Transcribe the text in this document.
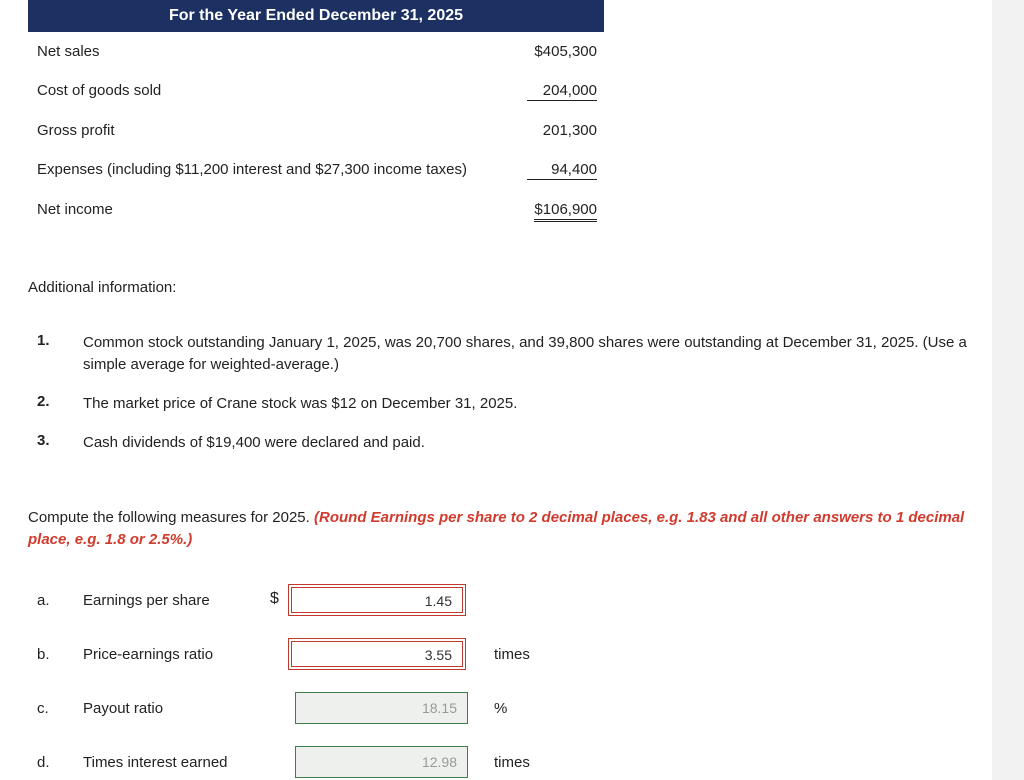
For the Year Ended December 31, 2025
Net sales	$405,300
Cost of goods sold	204,000
Gross profit	201,300
Expenses (including $11,200 interest and $27,300 income taxes)	94,400
Net income	$106,900
Additional information:
1. Common stock outstanding January 1, 2025, was 20,700 shares, and 39,800 shares were outstanding at December 31, 2025. (Use a simple average for weighted-average.)
2. The market price of Crane stock was $12 on December 31, 2025.
3. Cash dividends of $19,400 were declared and paid.
Compute the following measures for 2025. (Round Earnings per share to 2 decimal places, e.g. 1.83 and all other answers to 1 decimal place, e.g. 1.8 or 2.5%.)
a. Earnings per share	$	1.45
b. Price-earnings ratio	3.55	times
c. Payout ratio	18.15	%
d. Times interest earned	12.98	times
